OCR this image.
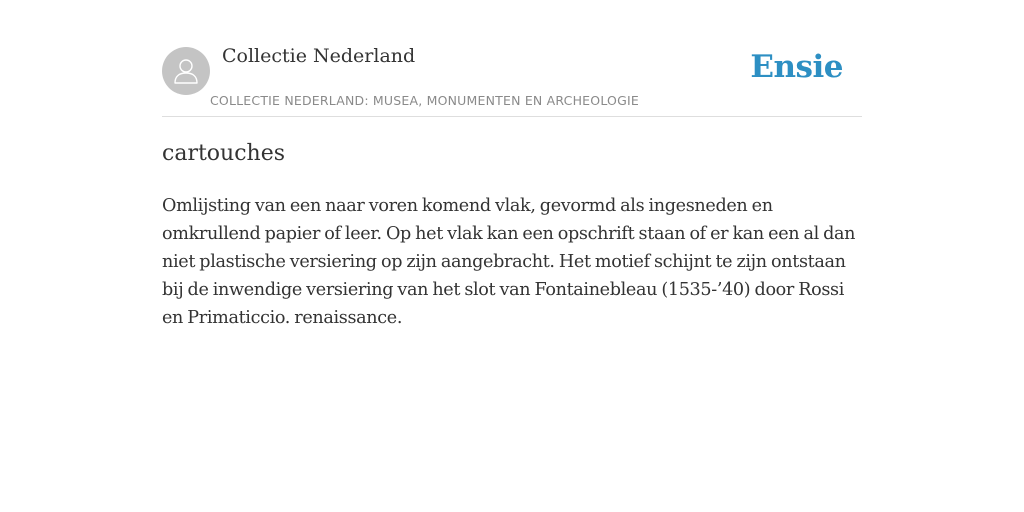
Collectie Nederland
COLLECTIE NEDERLAND: MUSEA, MONUMENTEN EN ARCHEOLOGIE
Ensie
cartouches

Omlijsting van een naar voren komend vlak, gevormd als ingesneden en omkrullend papier of leer. Op het vlak kan een opschrift staan of er kan een al dan niet plastische versiering op zijn aangebracht. Het motief schijnt te zijn ontstaan bij de inwendige versiering van het slot van Fontainebleau (1535-’40) door Rossi en Primaticcio. renaissance.
